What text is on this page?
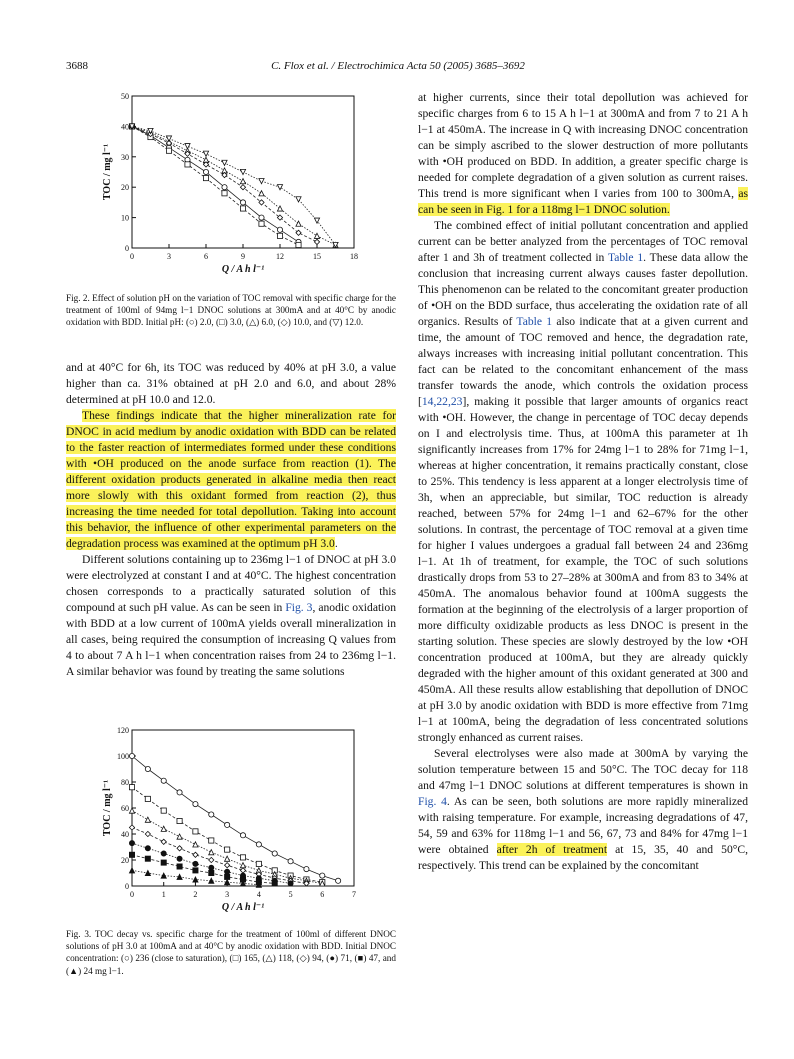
3688	C. Flox et al. / Electrochimica Acta 50 (2005) 3685–3692
0	3	6	9	12	15	18
0
10
20
30
40
50
Q / A h l⁻¹
TOC / mg l⁻¹
Fig. 2. Effect of solution pH on the variation of TOC removal with specific charge for the treatment of 100ml of 94mg l−1 DNOC solutions at 300mA and at 40°C by anodic oxidation with BDD. Initial pH: (○) 2.0, (□) 3.0, (△) 6.0, (◇) 10.0, and (▽) 12.0.

and at 40°C for 6h, its TOC was reduced by 40% at pH 3.0, a value higher than ca. 31% obtained at pH 2.0 and 6.0, and about 28% determined at pH 10.0 and 12.0.

These findings indicate that the higher mineralization rate for DNOC in acid medium by anodic oxidation with BDD can be related to the faster reaction of intermediates formed under these conditions with •OH produced on the anode surface from reaction (1). The different oxidation products generated in alkaline media then react more slowly with this oxidant formed from reaction (2), thus increasing the time needed for total depollution. Taking into account this behavior, the influence of other experimental parameters on the degradation process was examined at the optimum pH 3.0.

Different solutions containing up to 236mg l−1 of DNOC at pH 3.0 were electrolyzed at constant I and at 40°C. The highest concentration chosen corresponds to a practically saturated solution of this compound at such pH value. As can be seen in Fig. 3, anodic oxidation with BDD at a low current of 100mA yields overall mineralization in all cases, being required the consumption of increasing Q values from 4 to about 7 A h l−1 when concentration raises from 24 to 236mg l−1. A similar behavior was found by treating the same solutions

0	1	2	3	4	5	6	7
0
20
40
60
80
100
120
Q / A h l⁻¹
TOC / mg l⁻¹
Fig. 3. TOC decay vs. specific charge for the treatment of 100ml of different DNOC solutions of pH 3.0 at 100mA and at 40°C by anodic oxidation with BDD. Initial DNOC concentration: (○) 236 (close to saturation), (□) 165, (△) 118, (◇) 94, (●) 71, (■) 47, and (▲) 24 mg l−1.

at higher currents, since their total depollution was achieved for specific charges from 6 to 15 A h l−1 at 300mA and from 7 to 21 A h l−1 at 450mA. The increase in Q with increasing DNOC concentration can be simply ascribed to the slower destruction of more pollutants with •OH produced on BDD. In addition, a greater specific charge is needed for complete degradation of a given solution as current raises. This trend is more significant when I varies from 100 to 300mA, as can be seen in Fig. 1 for a 118mg l−1 DNOC solution.

The combined effect of initial pollutant concentration and applied current can be better analyzed from the percentages of TOC removal after 1 and 3h of treatment collected in Table 1. These data allow the conclusion that increasing current always causes faster depollution. This phenomenon can be related to the concomitant greater production of •OH on the BDD surface, thus accelerating the oxidation rate of all organics. Results of Table 1 also indicate that at a given current and time, the amount of TOC removed and hence, the degradation rate, always increases with increasing initial pollutant concentration. This fact can be related to the concomitant enhancement of the mass transfer towards the anode, which controls the oxidation process [14,22,23], making it possible that larger amounts of organics react with •OH. However, the change in percentage of TOC decay depends on I and electrolysis time. Thus, at 100mA this parameter at 1h significantly increases from 17% for 24mg l−1 to 28% for 71mg l−1, whereas at higher concentration, it remains practically constant, close to 25%. This tendency is less apparent at a longer electrolysis time of 3h, when an appreciable, but similar, TOC reduction is already reached, between 57% for 24mg l−1 and 62–67% for the other solutions. In contrast, the percentage of TOC removal at a given time for higher I values undergoes a gradual fall between 24 and 236mg l−1. At 1h of treatment, for example, the TOC of such solutions drastically drops from 53 to 27–28% at 300mA and from 83 to 34% at 450mA. The anomalous behavior found at 100mA suggests the formation at the beginning of the electrolysis of a larger proportion of more difficulty oxidizable products as less DNOC is present in the starting solution. These species are slowly destroyed by the low •OH concentration produced at 100mA, but they are already quickly degraded with the higher amount of this oxidant generated at 300 and 450mA. All these results allow establishing that depollution of DNOC at pH 3.0 by anodic oxidation with BDD is more effective from 71mg l−1 at 100mA, being the degradation of less concentrated solutions strongly enhanced as current raises.

Several electrolyses were also made at 300mA by varying the solution temperature between 15 and 50°C. The TOC decay for 118 and 47mg l−1 DNOC solutions at different temperatures is shown in Fig. 4. As can be seen, both solutions are more rapidly mineralized with raising temperature. For example, increasing degradations of 47, 54, 59 and 63% for 118mg l−1 and 56, 67, 73 and 84% for 47mg l−1 were obtained after 2h of treatment at 15, 35, 40 and 50°C, respectively. This trend can be explained by the concomitant
